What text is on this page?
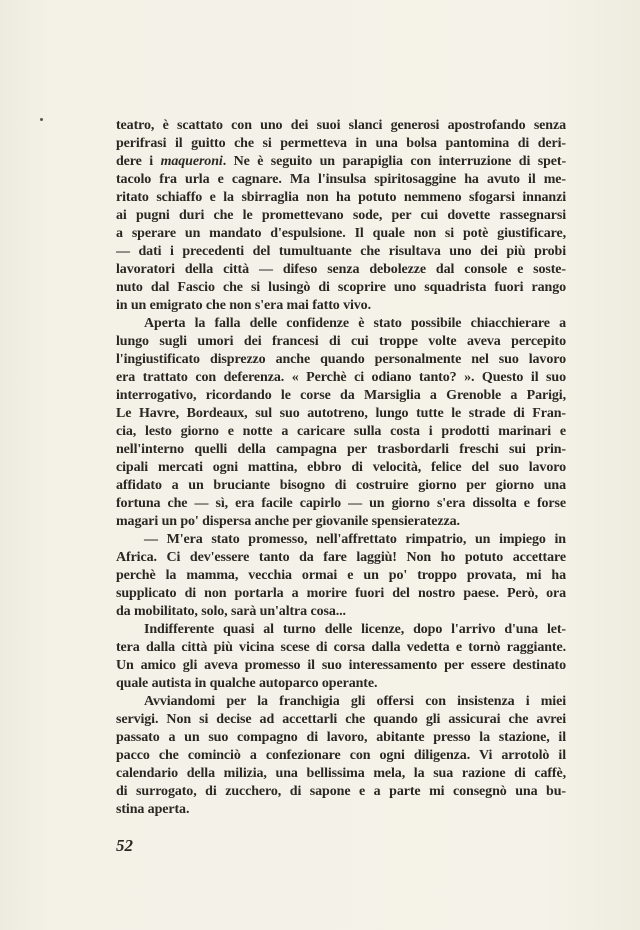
teatro, è scattato con uno dei suoi slanci generosi apostrofando senza
perifrasi il guitto che si permetteva in una bolsa pantomina di deri-
dere i maqueroni. Ne è seguito un parapiglia con interruzione di spet-
tacolo fra urla e cagnare. Ma l'insulsa spiritosaggine ha avuto il me-
ritato schiaffo e la sbirraglia non ha potuto nemmeno sfogarsi innanzi
ai pugni duri che le promettevano sode, per cui dovette rassegnarsi
a sperare un mandato d'espulsione. Il quale non si potè giustificare,
— dati i precedenti del tumultuante che risultava uno dei più probi
lavoratori della città — difeso senza debolezze dal console e soste-
nuto dal Fascio che si lusingò di scoprire uno squadrista fuori rango
in un emigrato che non s'era mai fatto vivo.
Aperta la falla delle confidenze è stato possibile chiacchierare a
lungo sugli umori dei francesi di cui troppe volte aveva percepito
l'ingiustificato disprezzo anche quando personalmente nel suo lavoro
era trattato con deferenza. « Perchè ci odiano tanto? ». Questo il suo
interrogativo, ricordando le corse da Marsiglia a Grenoble a Parigi,
Le Havre, Bordeaux, sul suo autotreno, lungo tutte le strade di Fran-
cia, lesto giorno e notte a caricare sulla costa i prodotti marinari e
nell'interno quelli della campagna per trasbordarli freschi sui prin-
cipali mercati ogni mattina, ebbro di velocità, felice del suo lavoro
affidato a un bruciante bisogno di costruire giorno per giorno una
fortuna che — sì, era facile capirlo — un giorno s'era dissolta e forse
magari un po' dispersa anche per giovanile spensieratezza.
— M'era stato promesso, nell'affrettato rimpatrio, un impiego in
Africa. Ci dev'essere tanto da fare laggiù! Non ho potuto accettare
perchè la mamma, vecchia ormai e un po' troppo provata, mi ha
supplicato di non portarla a morire fuori del nostro paese. Però, ora
da mobilitato, solo, sarà un'altra cosa...
Indifferente quasi al turno delle licenze, dopo l'arrivo d'una let-
tera dalla città più vicina scese di corsa dalla vedetta e tornò raggiante.
Un amico gli aveva promesso il suo interessamento per essere destinato
quale autista in qualche autoparco operante.
Avviandomi per la franchigia gli offersi con insistenza i miei
servigi. Non si decise ad accettarli che quando gli assicurai che avrei
passato a un suo compagno di lavoro, abitante presso la stazione, il
pacco che cominciò a confezionare con ogni diligenza. Vi arrotolò il
calendario della milizia, una bellissima mela, la sua razione di caffè,
di surrogato, di zucchero, di sapone e a parte mi consegnò una bu-
stina aperta.
52
